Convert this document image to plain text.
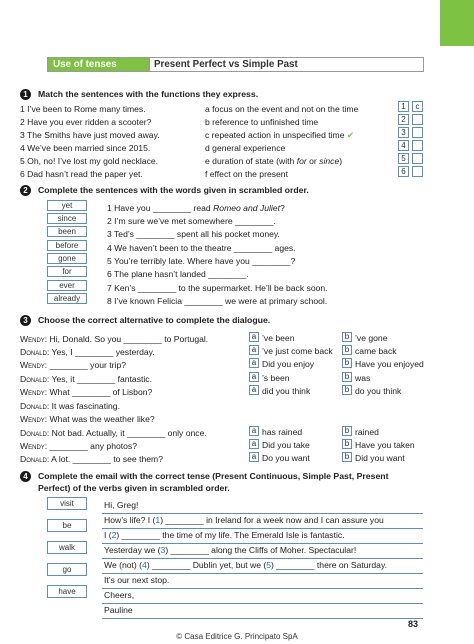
Use of tenses	Present Perfect vs Simple Past
1	Match the sentences with the functions they express.
1 I’ve been to Rome many times.
2 Have you ever ridden a scooter?
3 The Smiths have just moved away.
4 We’ve been married since 2015.
5 Oh, no! I’ve lost my gold necklace.
6 Dad hasn’t read the paper yet.
a focus on the event and not on the time
b reference to unfinished time
c repeated action in unspecified time ✔
d general experience
e duration of state (with for or since)
f effect on the present
1	c
2
3
4
5
6
2	Complete the sentences with the words given in scrambled order.
yet
since
been
before
gone
for
ever
already
1 Have you ________ read Romeo and Juliet?
2 I’m sure we’ve met somewhere ________.
3 Ted’s ________ spent all his pocket money.
4 We haven’t been to the theatre ________ ages.
5 You’re terribly late. Where have you ________?
6 The plane hasn’t landed ________.
7 Ken’s ________ to the supermarket. He’ll be back soon.
8 I’ve known Felicia ________ we were at primary school.
3	Choose the correct alternative to complete the dialogue.
Wendy: Hi, Donald. So you ________ to Portugal.	a ’ve been	b ’ve gone
Donald: Yes, I ________ yesterday.	a ’ve just come back	b came back
Wendy: ________ your trip?	a Did you enjoy	b Have you enjoyed
Donald: Yes, it ________ fantastic.	a ’s been	b was
Wendy: What ________ of Lisbon?	a did you think	b do you think
Donald: It was fascinating.
Wendy: What was the weather like?
Donald: Not bad. Actually, it ________ only once.	a has rained	b rained
Wendy: ________ any photos?	a Did you take	b Have you taken
Donald: A lot. ________ to see them?	a Do you want	b Did you want
4	Complete the email with the correct tense (Present Continuous, Simple Past, Present
Perfect) of the verbs given in scrambled order.
visit
be
walk
go
have
Hi, Greg!
How’s life? I (1) ________ in Ireland for a week now and I can assure you
I (2) ________ the time of my life. The Emerald Isle is fantastic.
Yesterday we (3) ________ along the Cliffs of Moher. Spectacular!
We (not) (4) ________ Dublin yet, but we (5) ________ there on Saturday.
It’s our next stop.
Cheers,
Pauline
83
© Casa Editrice G. Principato SpA
